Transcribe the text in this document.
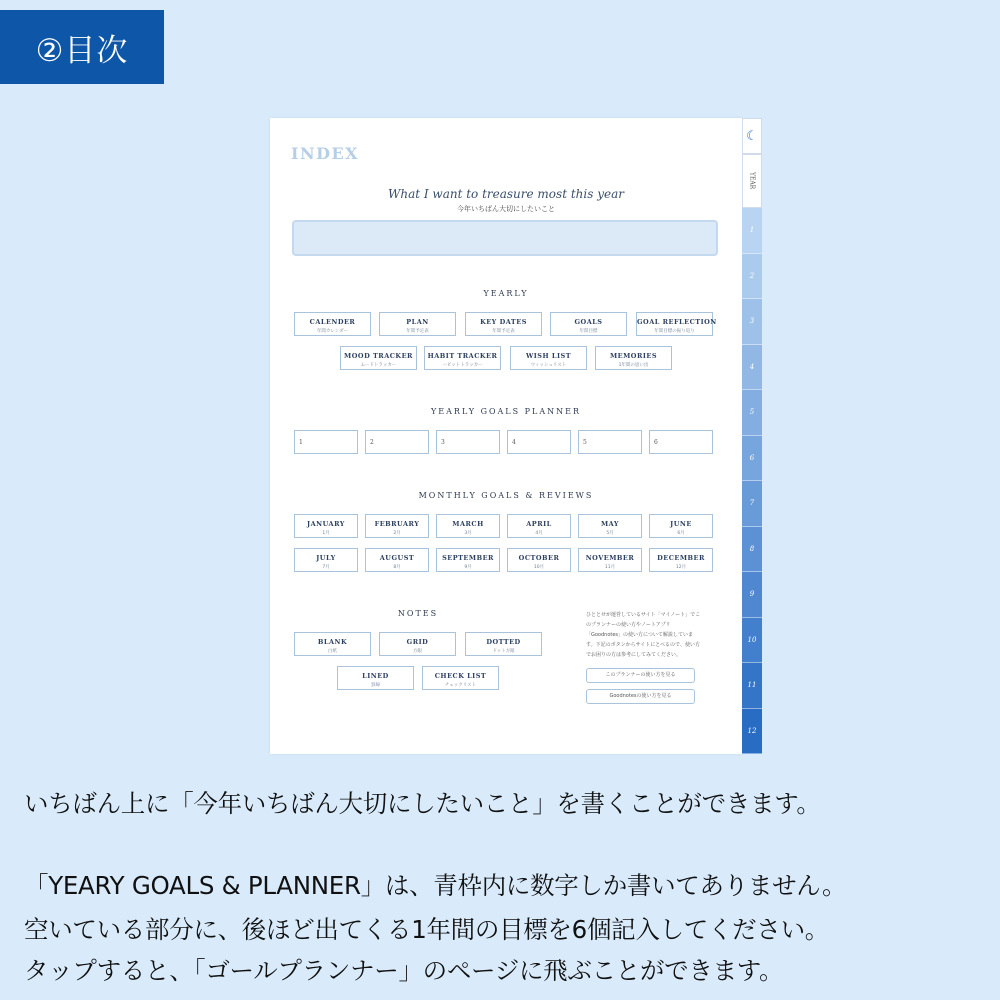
②目次
INDEX
What I want to treasure most this year
今年いちばん大切にしたいこと
YEARLY
YEARLY GOALS PLANNER
MONTHLY GOALS & REVIEWS
NOTES	ひととせが運営しているサイト「マイノート」でこのプランナーの使い方やノートアプリ「Goodnotes」の使い方について解説しています。下記のボタンからサイトにとべるので、使い方でお困りの方は参考にしてみてください。
このプランナーの使い方を見る
Goodnotesの使い方を見る
CALENDER
年間カレンダー
PLAN
年間予定表
KEY DATES
年間予定表
GOALS
年間目標
GOAL REFLECTION
年間目標の振り返り
MOOD TRACKER
ムードトラッカー
HABIT TRACKER
ハビットトラッカー
WISH LIST
ウィッシュリスト
MEMORIES
1年間の思い出
1	2	3	4	5	6
JANUARY
1月
FEBRUARY
2月
MARCH
3月
APRIL
4月
MAY
5月
JUNE
6月
JULY
7月
AUGUST
8月
SEPTEMBER
9月
OCTOBER
10月
NOVEMBER
11月
DECEMBER
12月
BLANK
白紙
GRID
方眼
DOTTED
ドット方眼
LINED
罫線
CHECK LIST
チェックリスト
☾
YEAR
1
2
3
4
5
6
7
8
9
10
11
12
いちばん上に「今年いちばん大切にしたいこと」を書くことができます。
「YEARY GOALS & PLANNER」は、青枠内に数字しか書いてありません。
空いている部分に、後ほど出てくる1年間の目標を6個記入してください。
タップすると、「ゴールプランナー」のページに飛ぶことができます。
